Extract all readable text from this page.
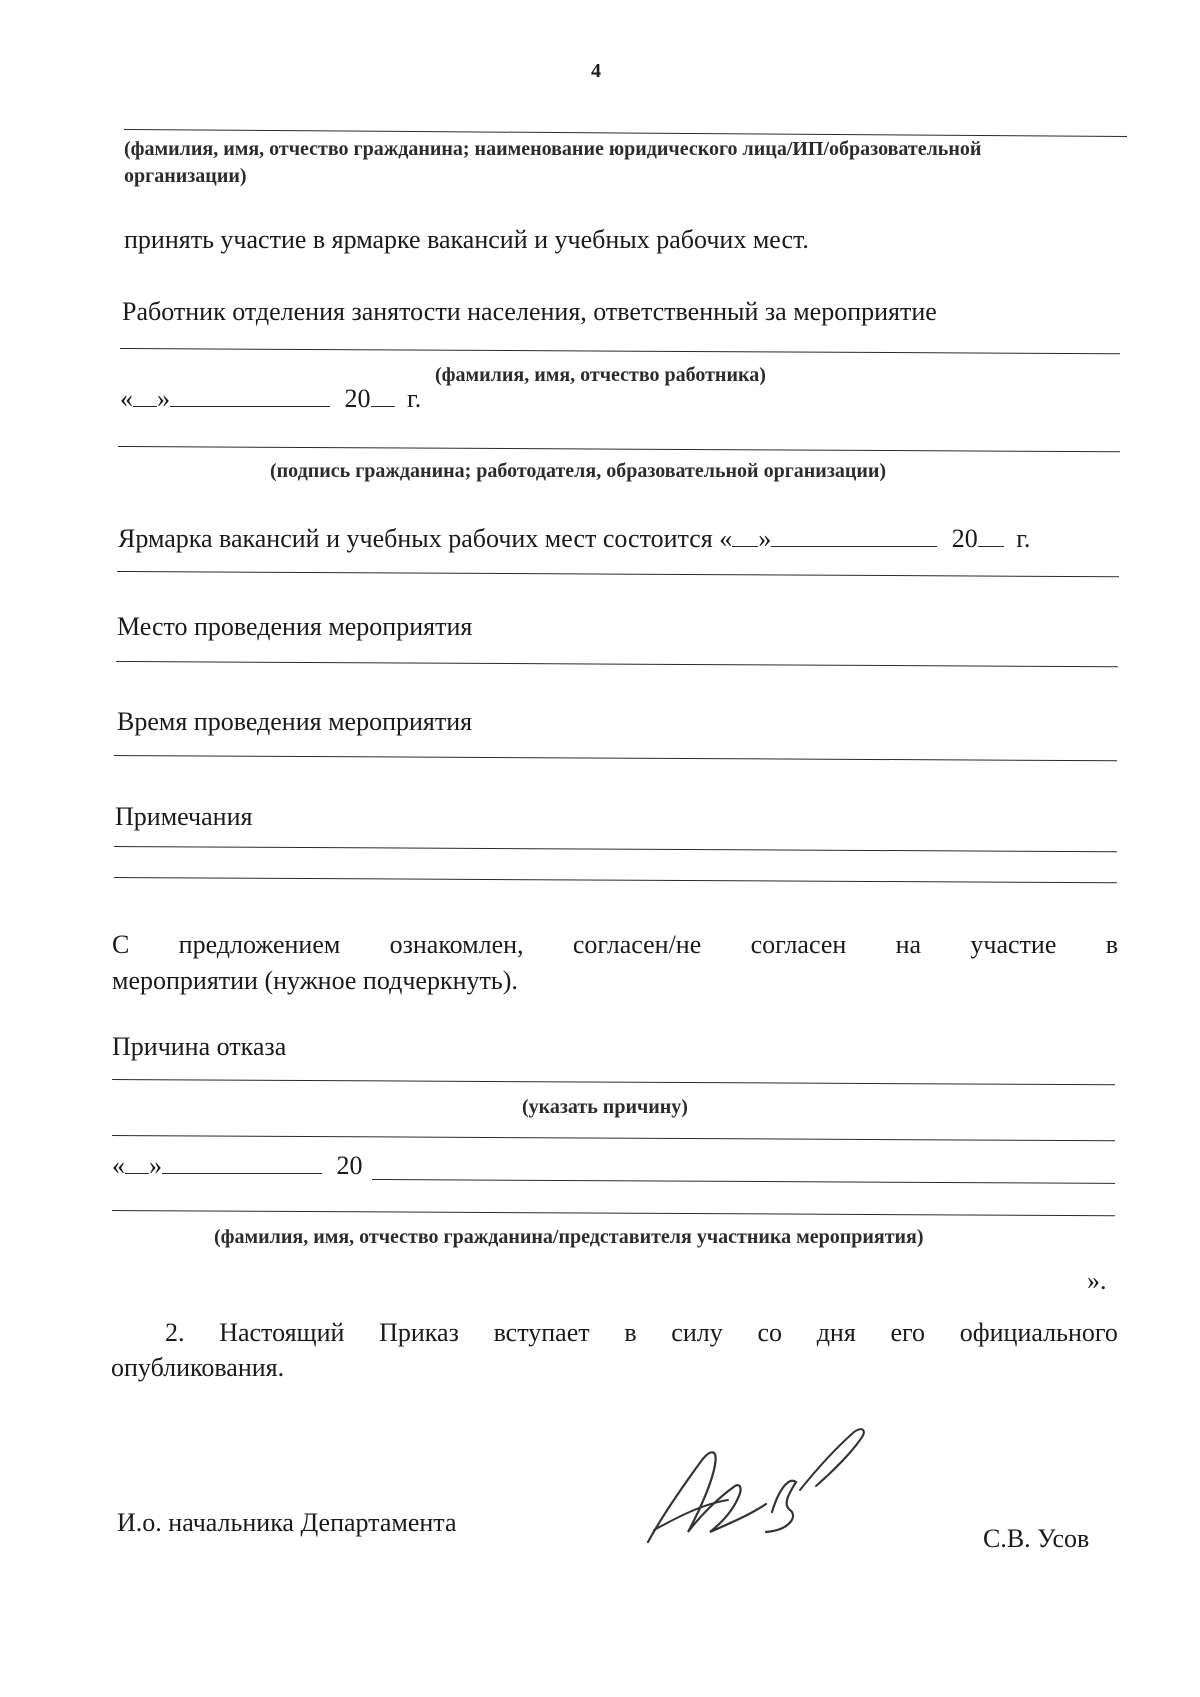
4
(фамилия, имя, отчество гражданина; наименование юридического лица/ИП/образовательной
организации)
принять участие в ярмарке вакансий и учебных рабочих мест.
Работник отделения занятости населения, ответственный за мероприятие
(фамилия, имя, отчество работника)
« »	20 г.
(подпись гражданина; работодателя, образовательной организации)
Ярмарка вакансий и учебных рабочих мест состоится « »	20 г.
Место проведения мероприятия
Время проведения мероприятия
Примечания
С предложением ознакомлен, согласен/не согласен на участие в
мероприятии (нужное подчеркнуть).
Причина отказа
(указать причину)
« »	20
(фамилия, имя, отчество гражданина/представителя участника мероприятия)
».
2. Настоящий Приказ вступает в силу со дня его официального
опубликования.
И.о. начальника Департамента
С.В. Усов
